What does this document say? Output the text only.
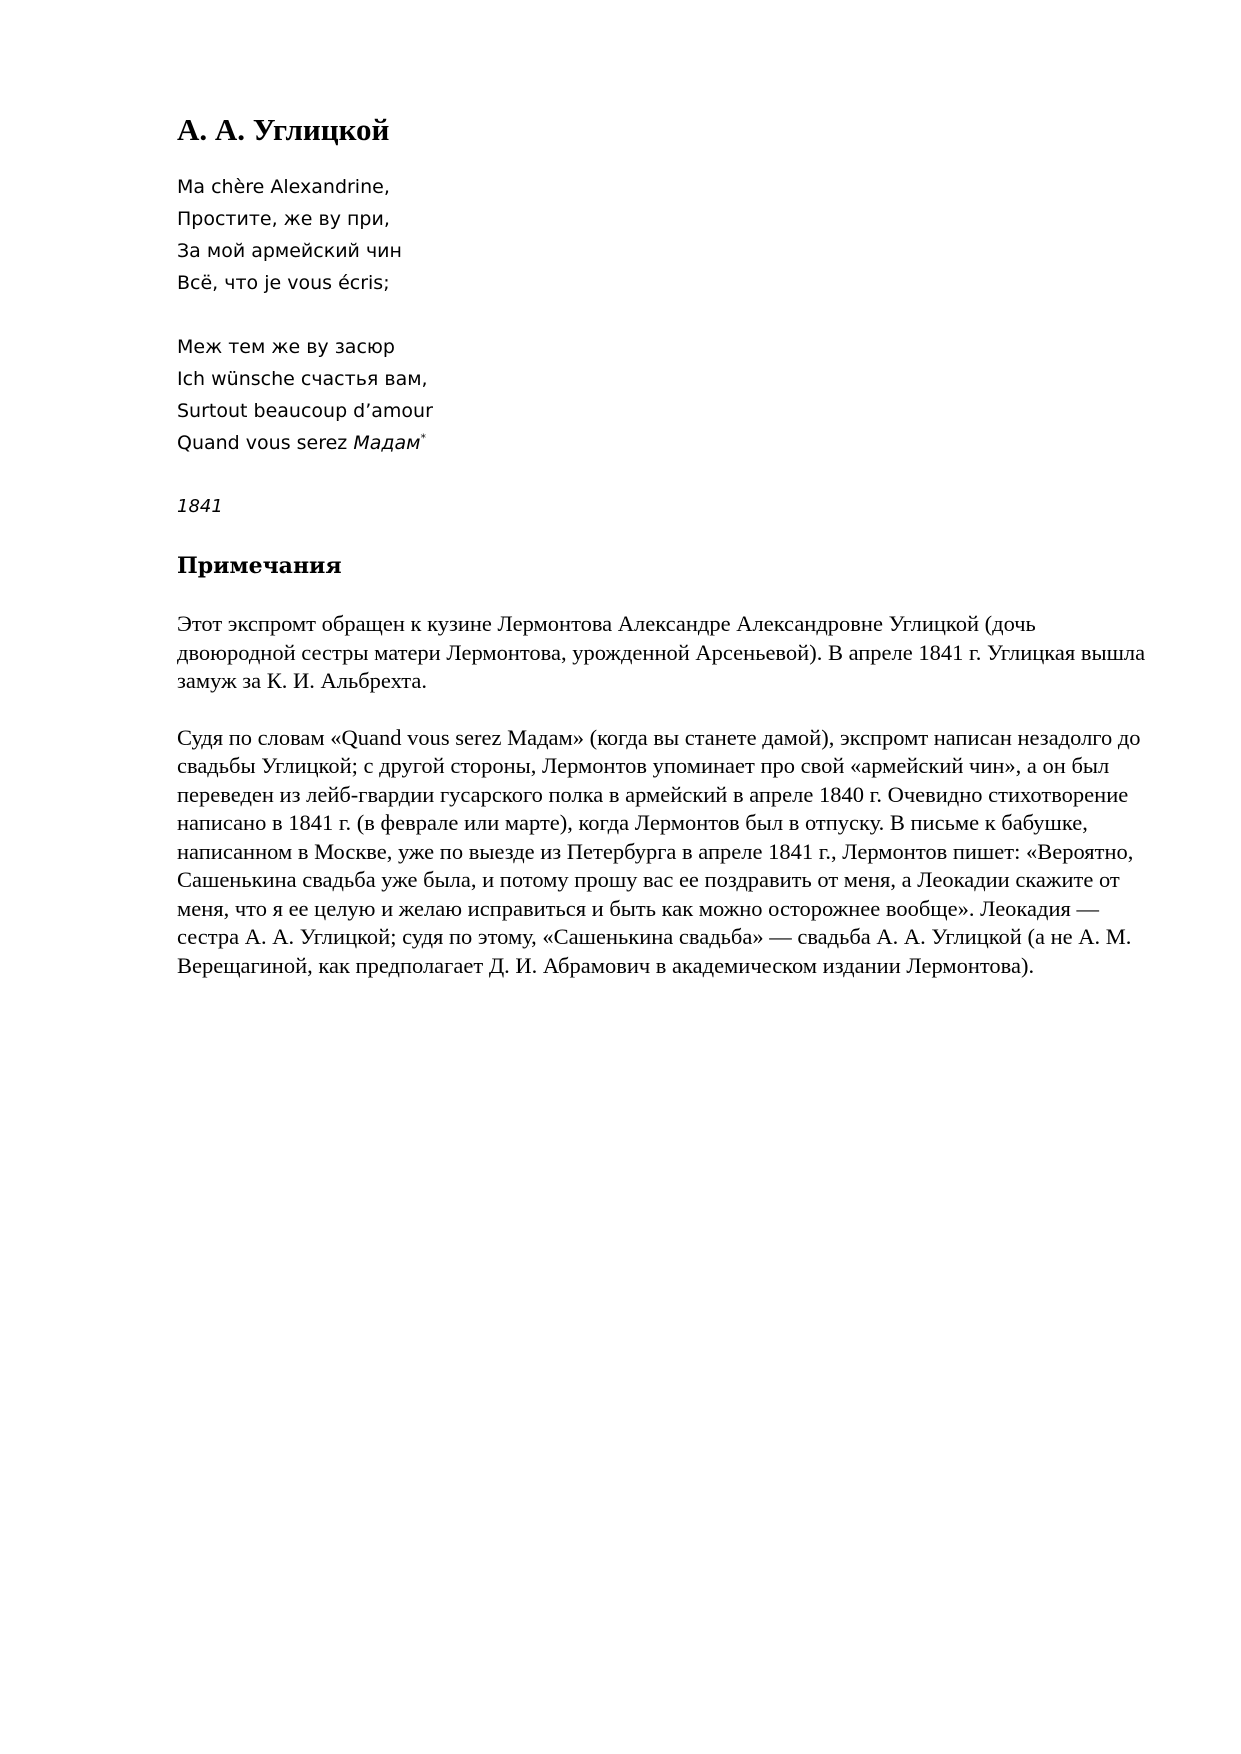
А. А. Углицкой
Ma chère Alexandrine,
Простите, же ву при,
За мой армейский чин
Всё, что je vous écris;
Меж тем же ву засюр
Ich wünsche счастья вам,
Surtout beaucoup d’amour
Quand vous serez Мадам*
1841
Примечания

Этот экспромт обращен к кузине Лермонтова Александре Александровне Углицкой (дочь двоюродной сестры матери Лермонтова, урожденной Арсеньевой). В апреле 1841 г. Углицкая вышла замуж за К. И. Альбрехта.

Судя по словам «Quand vous serez Мадам» (когда вы станете дамой), экспромт написан незадолго до свадьбы Углицкой; с другой стороны, Лермонтов упоминает про свой «армейский чин», а он был переведен из лейб-гвардии гусарского полка в армейский в апреле 1840 г. Очевидно стихотворение написано в 1841 г. (в феврале или марте), когда Лермонтов был в отпуску. В письме к бабушке, написанном в Москве, уже по выезде из Петербурга в апреле 1841 г., Лермонтов пишет: «Вероятно, Сашенькина свадьба уже была, и потому прошу вас ее поздравить от меня, а Леокадии скажите от меня, что я ее целую и желаю исправиться и быть как можно осторожнее вообще». Леокадия — сестра А. А. Углицкой; судя по этому, «Сашенькина свадьба» — свадьба А. А. Углицкой (а не А. М. Верещагиной, как предполагает Д. И. Абрамович в академическом издании Лермонтова).
